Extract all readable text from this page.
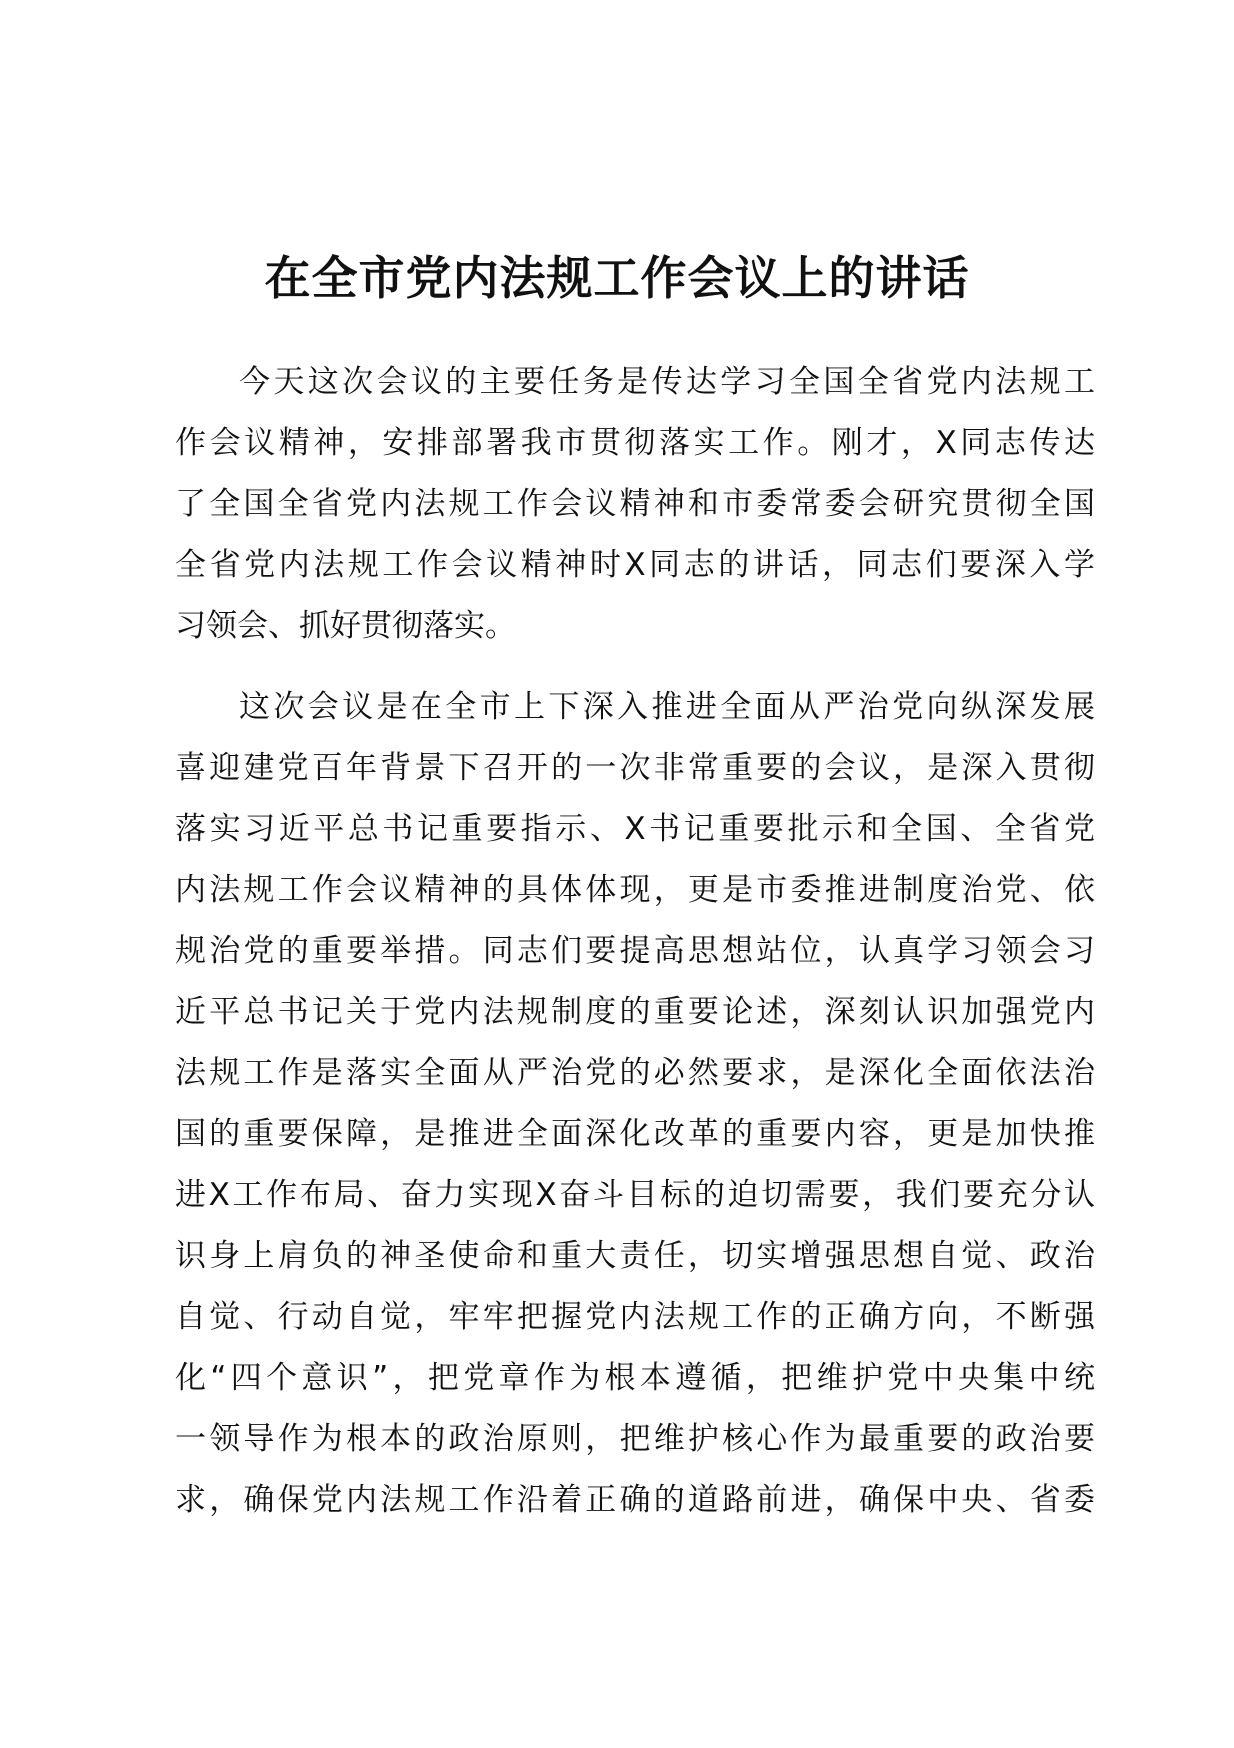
在全市党内法规工作会议上的讲话

今天这次会议的主要任务是传达学习全国全省党内法规工
作会议精神，安排部署我市贯彻落实工作。刚才，X同志传达
了全国全省党内法规工作会议精神和市委常委会研究贯彻全国
全省党内法规工作会议精神时X同志的讲话，同志们要深入学
习领会、抓好贯彻落实。

这次会议是在全市上下深入推进全面从严治党向纵深发展
喜迎建党百年背景下召开的一次非常重要的会议，是深入贯彻
落实习近平总书记重要指示、X书记重要批示和全国、全省党
内法规工作会议精神的具体体现，更是市委推进制度治党、依
规治党的重要举措。同志们要提高思想站位，认真学习领会习
近平总书记关于党内法规制度的重要论述，深刻认识加强党内
法规工作是落实全面从严治党的必然要求，是深化全面依法治
国的重要保障，是推进全面深化改革的重要内容，更是加快推
进X工作布局、奋力实现X奋斗目标的迫切需要，我们要充分认
识身上肩负的神圣使命和重大责任，切实增强思想自觉、政治
自觉、行动自觉，牢牢把握党内法规工作的正确方向，不断强
化“四个意识”，把党章作为根本遵循，把维护党中央集中统
一领导作为根本的政治原则，把维护核心作为最重要的政治要
求，确保党内法规工作沿着正确的道路前进，确保中央、省委
